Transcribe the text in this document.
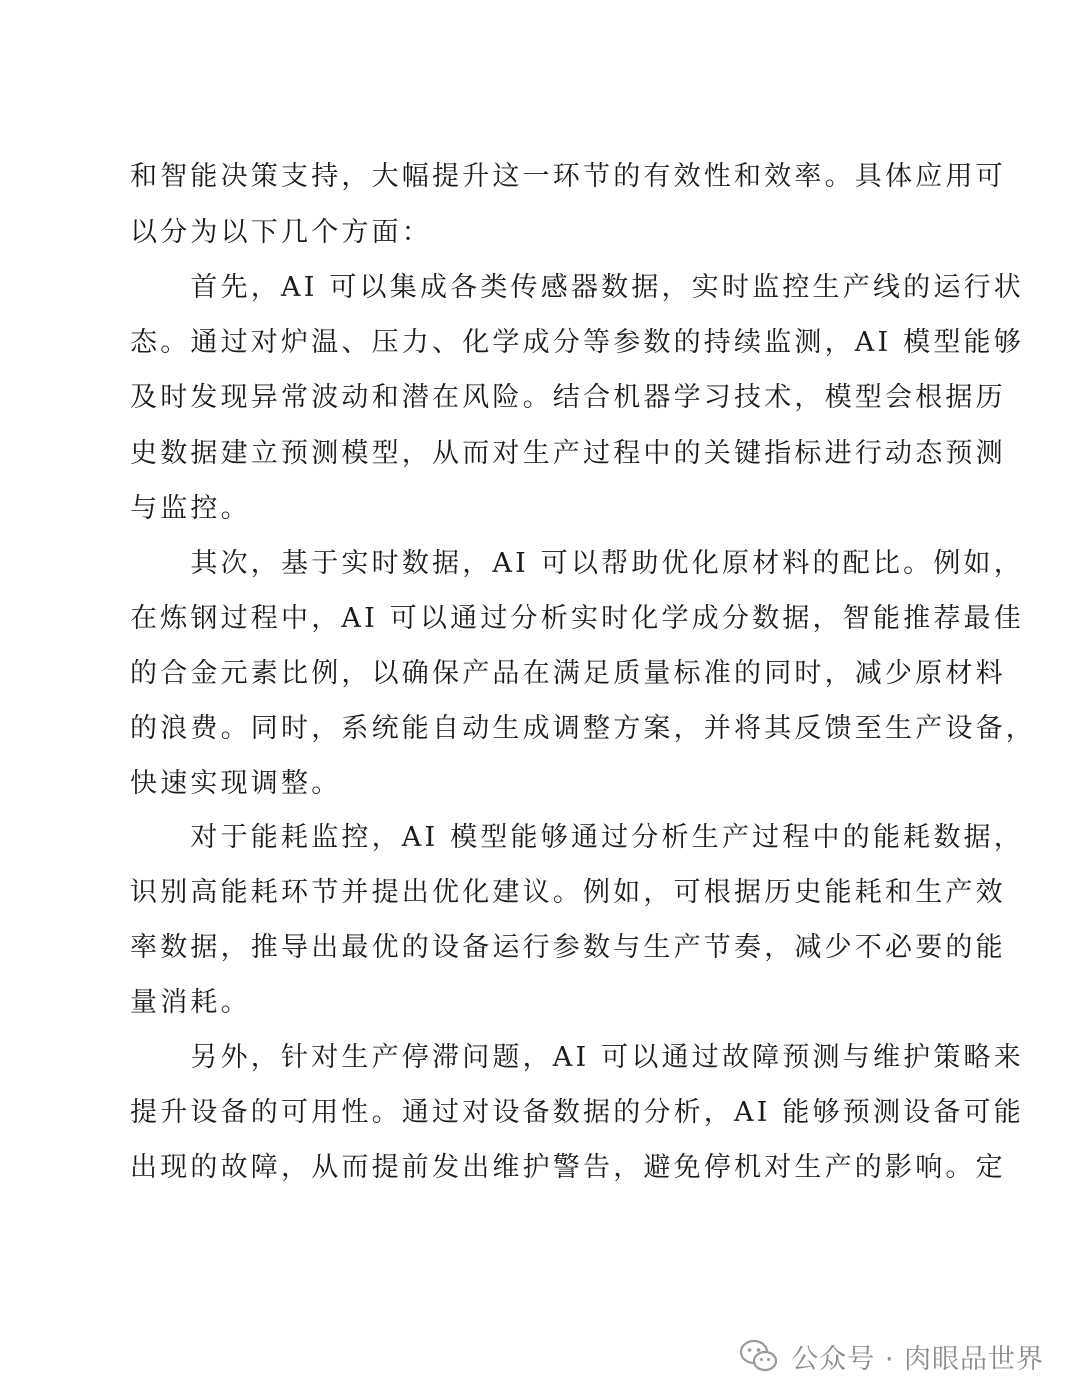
和智能决策支持，大幅提升这一环节的有效性和效率。具体应用可
以分为以下几个方面：
　　首先，AI 可以集成各类传感器数据，实时监控生产线的运行状
态。通过对炉温、压力、化学成分等参数的持续监测，AI 模型能够
及时发现异常波动和潜在风险。结合机器学习技术，模型会根据历
史数据建立预测模型，从而对生产过程中的关键指标进行动态预测
与监控。
　　其次，基于实时数据，AI 可以帮助优化原材料的配比。例如，
在炼钢过程中，AI 可以通过分析实时化学成分数据，智能推荐最佳
的合金元素比例，以确保产品在满足质量标准的同时，减少原材料
的浪费。同时，系统能自动生成调整方案，并将其反馈至生产设备，
快速实现调整。
　　对于能耗监控，AI 模型能够通过分析生产过程中的能耗数据，
识别高能耗环节并提出优化建议。例如，可根据历史能耗和生产效
率数据，推导出最优的设备运行参数与生产节奏，减少不必要的能
量消耗。
　　另外，针对生产停滞问题，AI 可以通过故障预测与维护策略来
提升设备的可用性。通过对设备数据的分析，AI 能够预测设备可能
出现的故障，从而提前发出维护警告，避免停机对生产的影响。定
公众号 · 肉眼品世界
